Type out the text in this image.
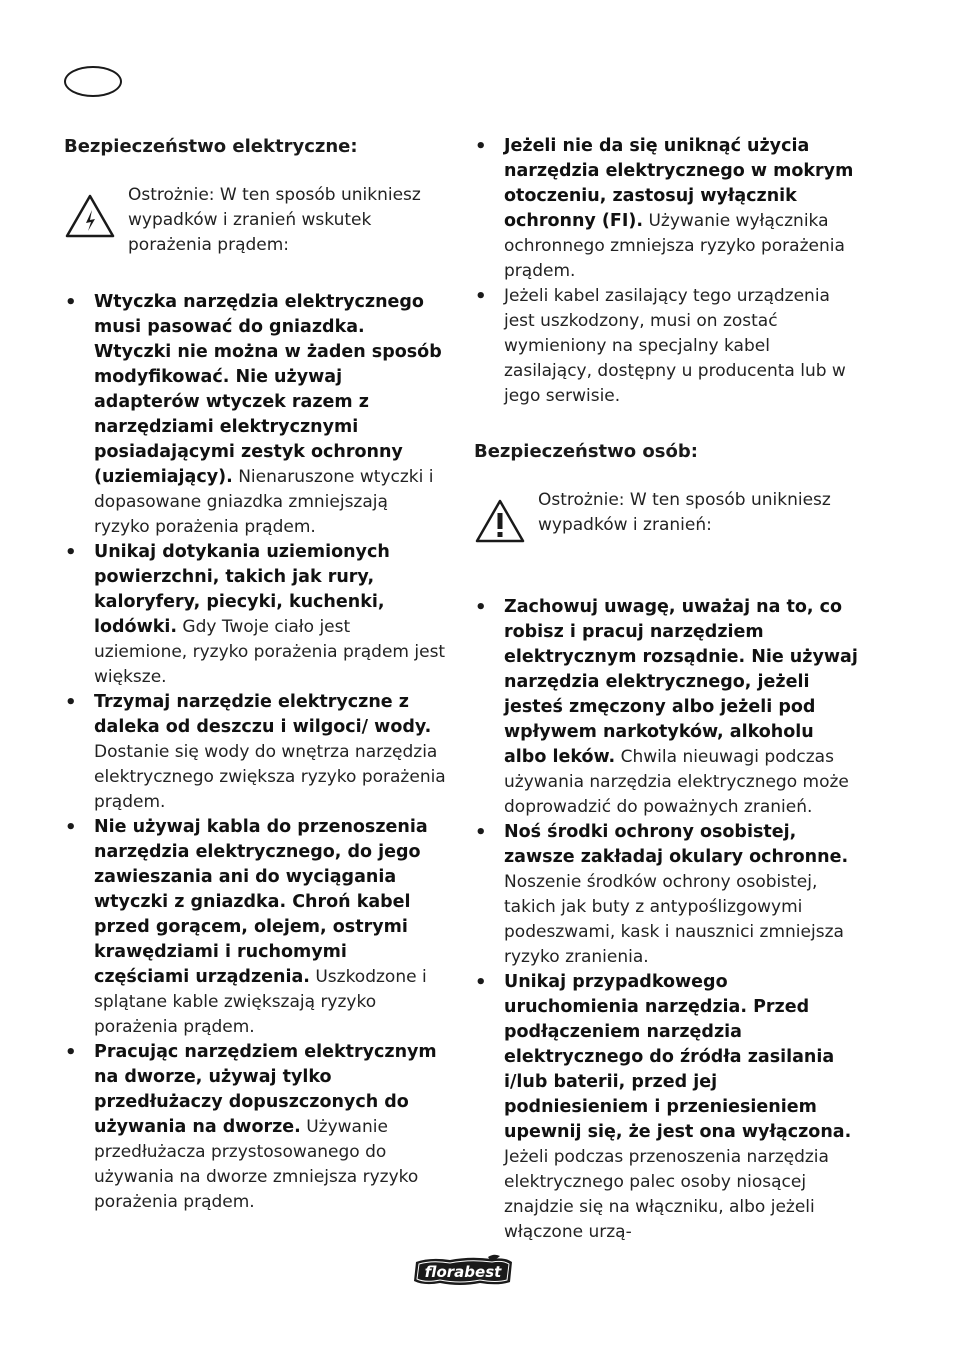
Bezpieczeństwo elektryczne:

Ostrożnie: W ten sposób unikniesz wypadków i zranień wskutek porażenia prądem:
• Wtyczka narzędzia elektrycznego musi pasować do gniazdka. Wtyczki nie można w żaden sposób modyfikować. Nie używaj adapterów wtyczek razem z narzędziami elektrycznymi posiadającymi zestyk ochronny (uziemiający). Nienaruszone wtyczki i dopasowane gniazdka zmniejszają ryzyko porażenia prądem.
• Unikaj dotykania uziemionych powierzchni, takich jak rury, kaloryfery, piecyki, kuchenki, lodówki. Gdy Twoje ciało jest uziemione, ryzyko porażenia prądem jest większe.
• Trzymaj narzędzie elektryczne z daleka od deszczu i wilgoci/ wody. Dostanie się wody do wnętrza narzędzia elektrycznego zwiększa ryzyko porażenia prądem.
• Nie używaj kabla do przenoszenia narzędzia elektrycznego, do jego zawieszania ani do wyciągania wtyczki z gniazdka. Chroń kabel przed gorącem, olejem, ostrymi krawędziami i ruchomymi częściami urządzenia. Uszkodzone i splątane kable zwiększają ryzyko porażenia prądem.
• Pracując narzędziem elektrycznym na dworze, używaj tylko przedłużaczy dopuszczonych do używania na dworze. Używanie przedłużacza przystosowanego do używania na dworze zmniejsza ryzyko porażenia prądem.
• Jeżeli nie da się uniknąć użycia narzędzia elektrycznego w mokrym otoczeniu, zastosuj wyłącznik ochronny (FI). Używanie wyłącznika ochronnego zmniejsza ryzyko porażenia prądem.
• Jeżeli kabel zasilający tego urządzenia jest uszkodzony, musi on zostać wymieniony na specjalny kabel zasilający, dostępny u producenta lub w jego serwisie.

Bezpieczeństwo osób:

Ostrożnie: W ten sposób unikniesz wypadków i zranień:
• Zachowuj uwagę, uważaj na to, co robisz i pracuj narzędziem elektrycznym rozsądnie. Nie używaj narzędzia elektrycznego, jeżeli jesteś zmęczony albo jeżeli pod wpływem narkotyków, alkoholu albo leków. Chwila nieuwagi podczas używania narzędzia elektrycznego może doprowadzić do poważnych zranień.
• Noś środki ochrony osobistej, zawsze zakładaj okulary ochronne. Noszenie środków ochrony osobistej, takich jak buty z antypoślizgowymi podeszwami, kask i nausznici zmniejsza ryzyko zranienia.
• Unikaj przypadkowego uruchomienia narzędzia. Przed podłączeniem narzędzia elektrycznego do źródła zasilania i/lub baterii, przed jej podniesieniem i przeniesieniem upewnij się, że jest ona wyłączona. Jeżeli podczas przenoszenia narzędzia elektrycznego palec osoby niosącej znajdzie się na włączniku, albo jeżeli włączone urzą-
florabest
